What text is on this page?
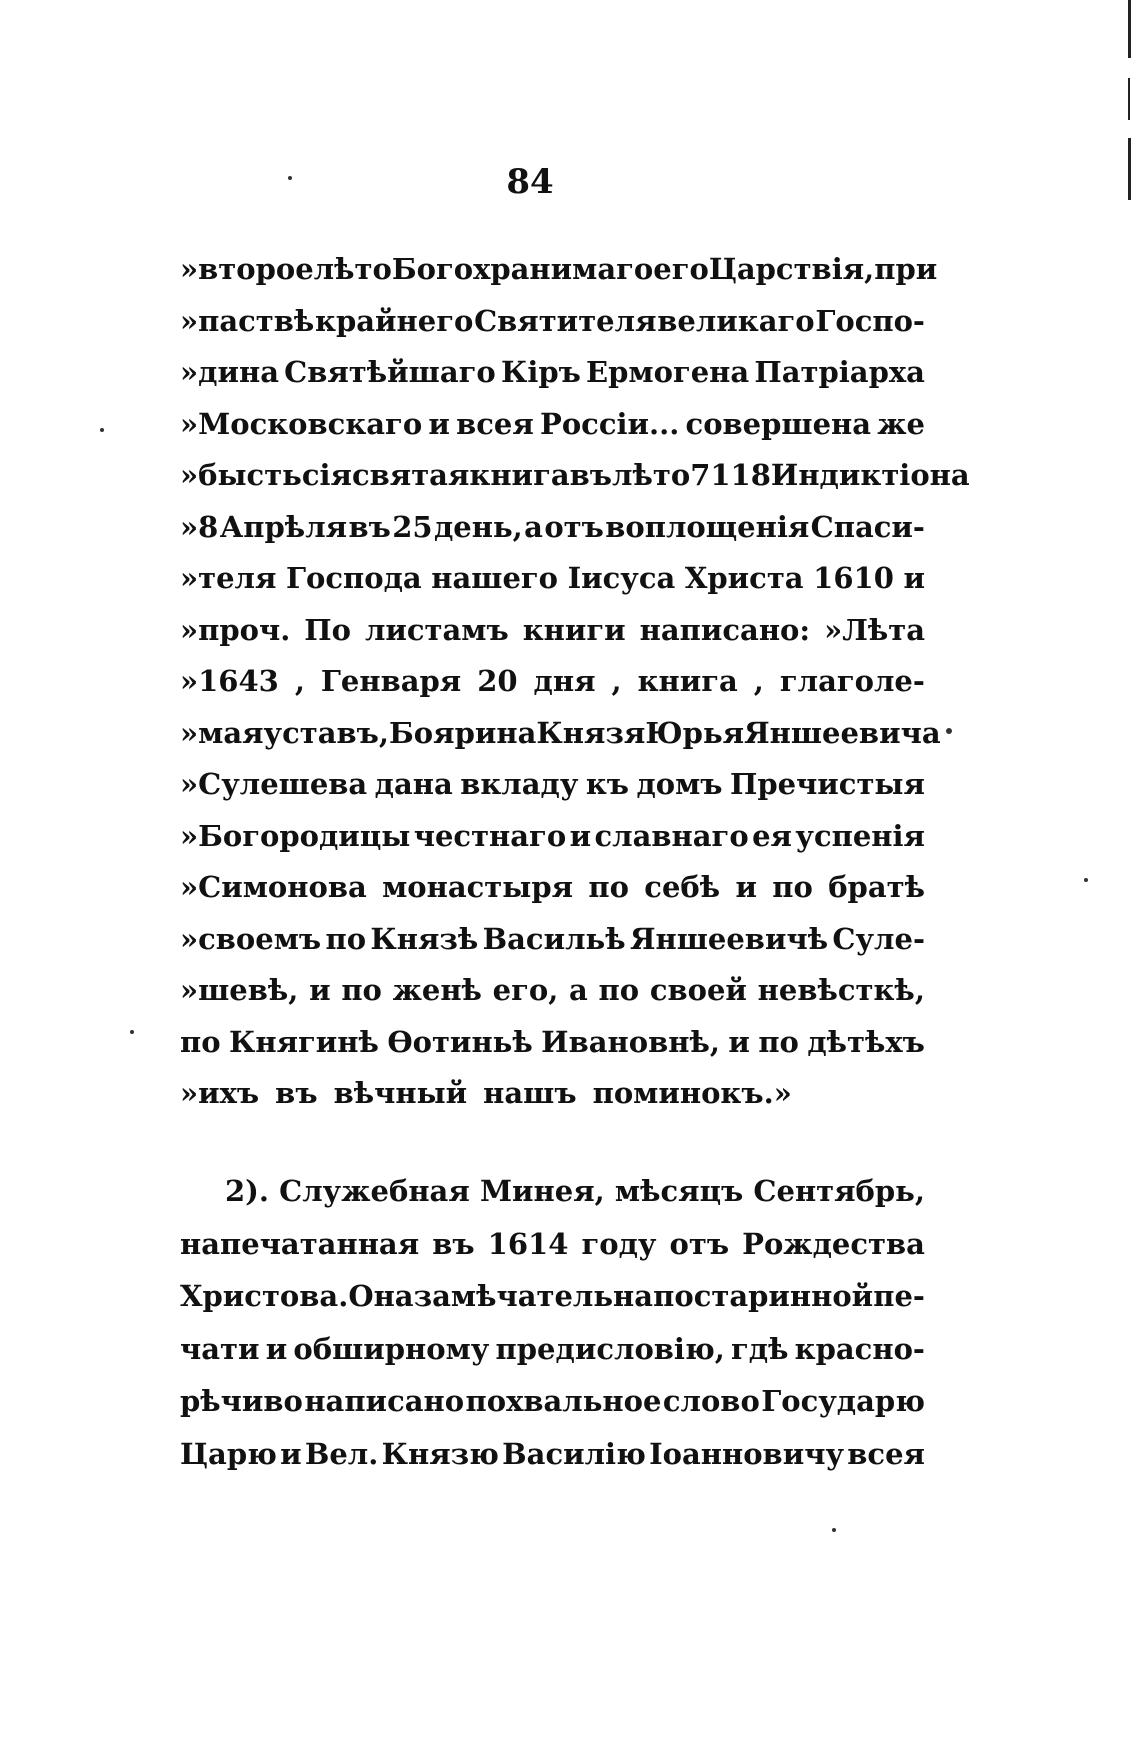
84
»второе лѣто Богохранимаго его Царствія, при
»паствѣ крайнего Святителя великаго Госпо-
»дина Святѣйшаго Кiръ Ермогена Патріарха
»Московскаго и всея Россіи... совершена же
»бысть сія святая книга въ лѣто 7118 Индиктіона
»8 Апрѣля въ 25 день, а отъ воплощенія Спаси-
»теля Господа нашего Іисуса Христа 1610 и
»проч. По листамъ книги написано: »Лѣта
»1643 , Генваря 20 дня , книга , глаголе-
»мая уставъ, Боярина Князя Юрья Яншеевича
»Сулешева дана вкладу къ домъ Пречистыя
»Богородицы честнаго и славнаго ея успенія
»Симонова монастыря по себѣ и по братѣ
»своемъ по Князѣ Васильѣ Яншеевичѣ Суле-
»шевѣ, и по женѣ его, а по своей невѣсткѣ,
по Княгинѣ Ѳотиньѣ Ивановнѣ, и по дѣтѣхъ
»ихъ въ вѣчный нашъ поминокъ.»
2). Служебная Минея, мѣсяцъ Сентябрь,
напечатанная въ 1614 году отъ Рождества
Христова. Она замѣчательна по старинной пе-
чати и обширному предисловію, гдѣ красно-
рѣчиво написано похвальное слово Государю
Царю и Вел. Князю Василію Іоанновичу всея
